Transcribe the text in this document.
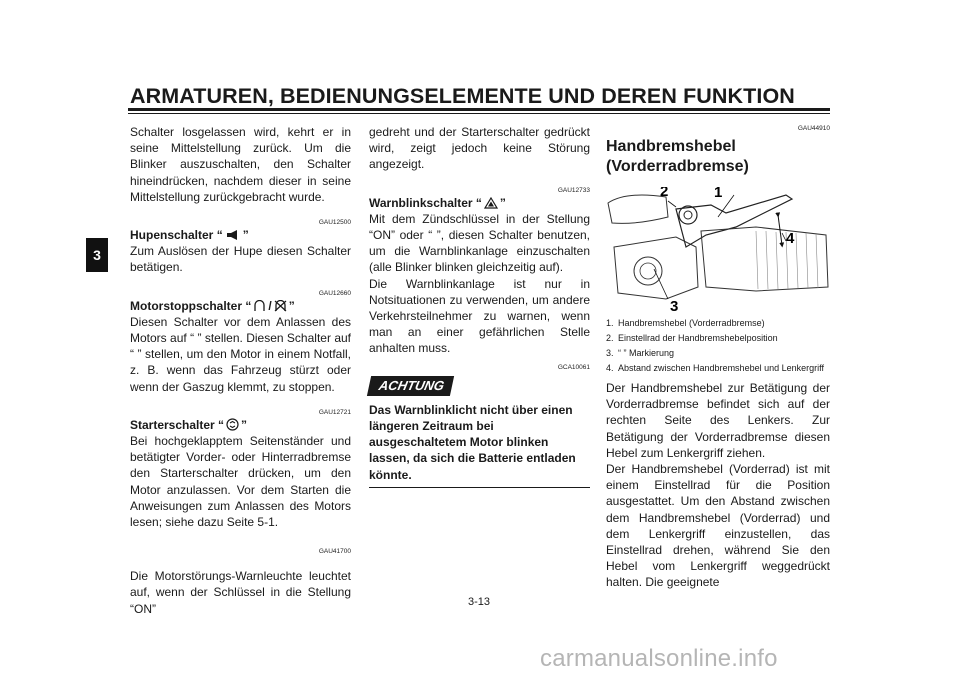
ARMATUREN, BEDIENUNGSELEMENTE UND DEREN FUNKTION
3

Schalter losgelassen wird, kehrt er in seine Mittelstellung zurück. Um die Blinker auszuschalten, den Schalter hineindrücken, nachdem dieser in seine Mittelstellung zurückgebracht wurde.

GAU12500
Hupenschalter “ ”

Zum Auslösen der Hupe diesen Schalter betätigen.

GAU12660
Motorstoppschalter “ / ”

Diesen Schalter vor dem Anlassen des Motors auf “ ” stellen. Diesen Schalter auf “ ” stellen, um den Motor in einem Notfall, z. B. wenn das Fahrzeug stürzt oder wenn der Gaszug klemmt, zu stoppen.

GAU12721
Starterschalter “ ”

Bei hochgeklapptem Seitenständer und betätigter Vorder- oder Hinterradbremse den Starterschalter drücken, um den Motor anzulassen. Vor dem Starten die Anweisungen zum Anlassen des Motors lesen; siehe dazu Seite 5-1.

GAU41700

Die Motorstörungs-Warnleuchte leuchtet auf, wenn der Schlüssel in die Stellung “ON”

gedreht und der Starterschalter gedrückt wird, zeigt jedoch keine Störung angezeigt.

GAU12733
Warnblinkschalter “ ”

Mit dem Zündschlüssel in der Stellung “ON” oder “ ”, diesen Schalter benutzen, um die Warnblinkanlage einzuschalten (alle Blinker blinken gleichzeitig auf).

Die Warnblinkanlage ist nur in Notsituationen zu verwenden, um andere Verkehrsteilnehmer zu warnen, wenn man an einer gefährlichen Stelle anhalten muss.

GCA10061
ACHTUNG
Das Warnblinklicht nicht über einen längeren Zeitraum bei ausgeschaltetem Motor blinken lassen, da sich die Batterie entladen könnte.
GAU44910
Handbremshebel (Vorderradbremse)
1
2
3
4
1. Handbremshebel (Vorderradbremse)
2. Einstellrad der Handbremshebelposition
3. “ ” Markierung
4. Abstand zwischen Handbremshebel und Lenkergriff

Der Handbremshebel zur Betätigung der Vorderradbremse befindet sich auf der rechten Seite des Lenkers. Zur Betätigung der Vorderradbremse diesen Hebel zum Lenkergriff ziehen.

Der Handbremshebel (Vorderrad) ist mit einem Einstellrad für die Position ausgestattet. Um den Abstand zwischen dem Handbremshebel (Vorderrad) und dem Lenkergriff einzustellen, das Einstellrad drehen, während Sie den Hebel vom Lenkergriff weggedrückt halten. Die geeignete

3-13
carmanualsonline.info
